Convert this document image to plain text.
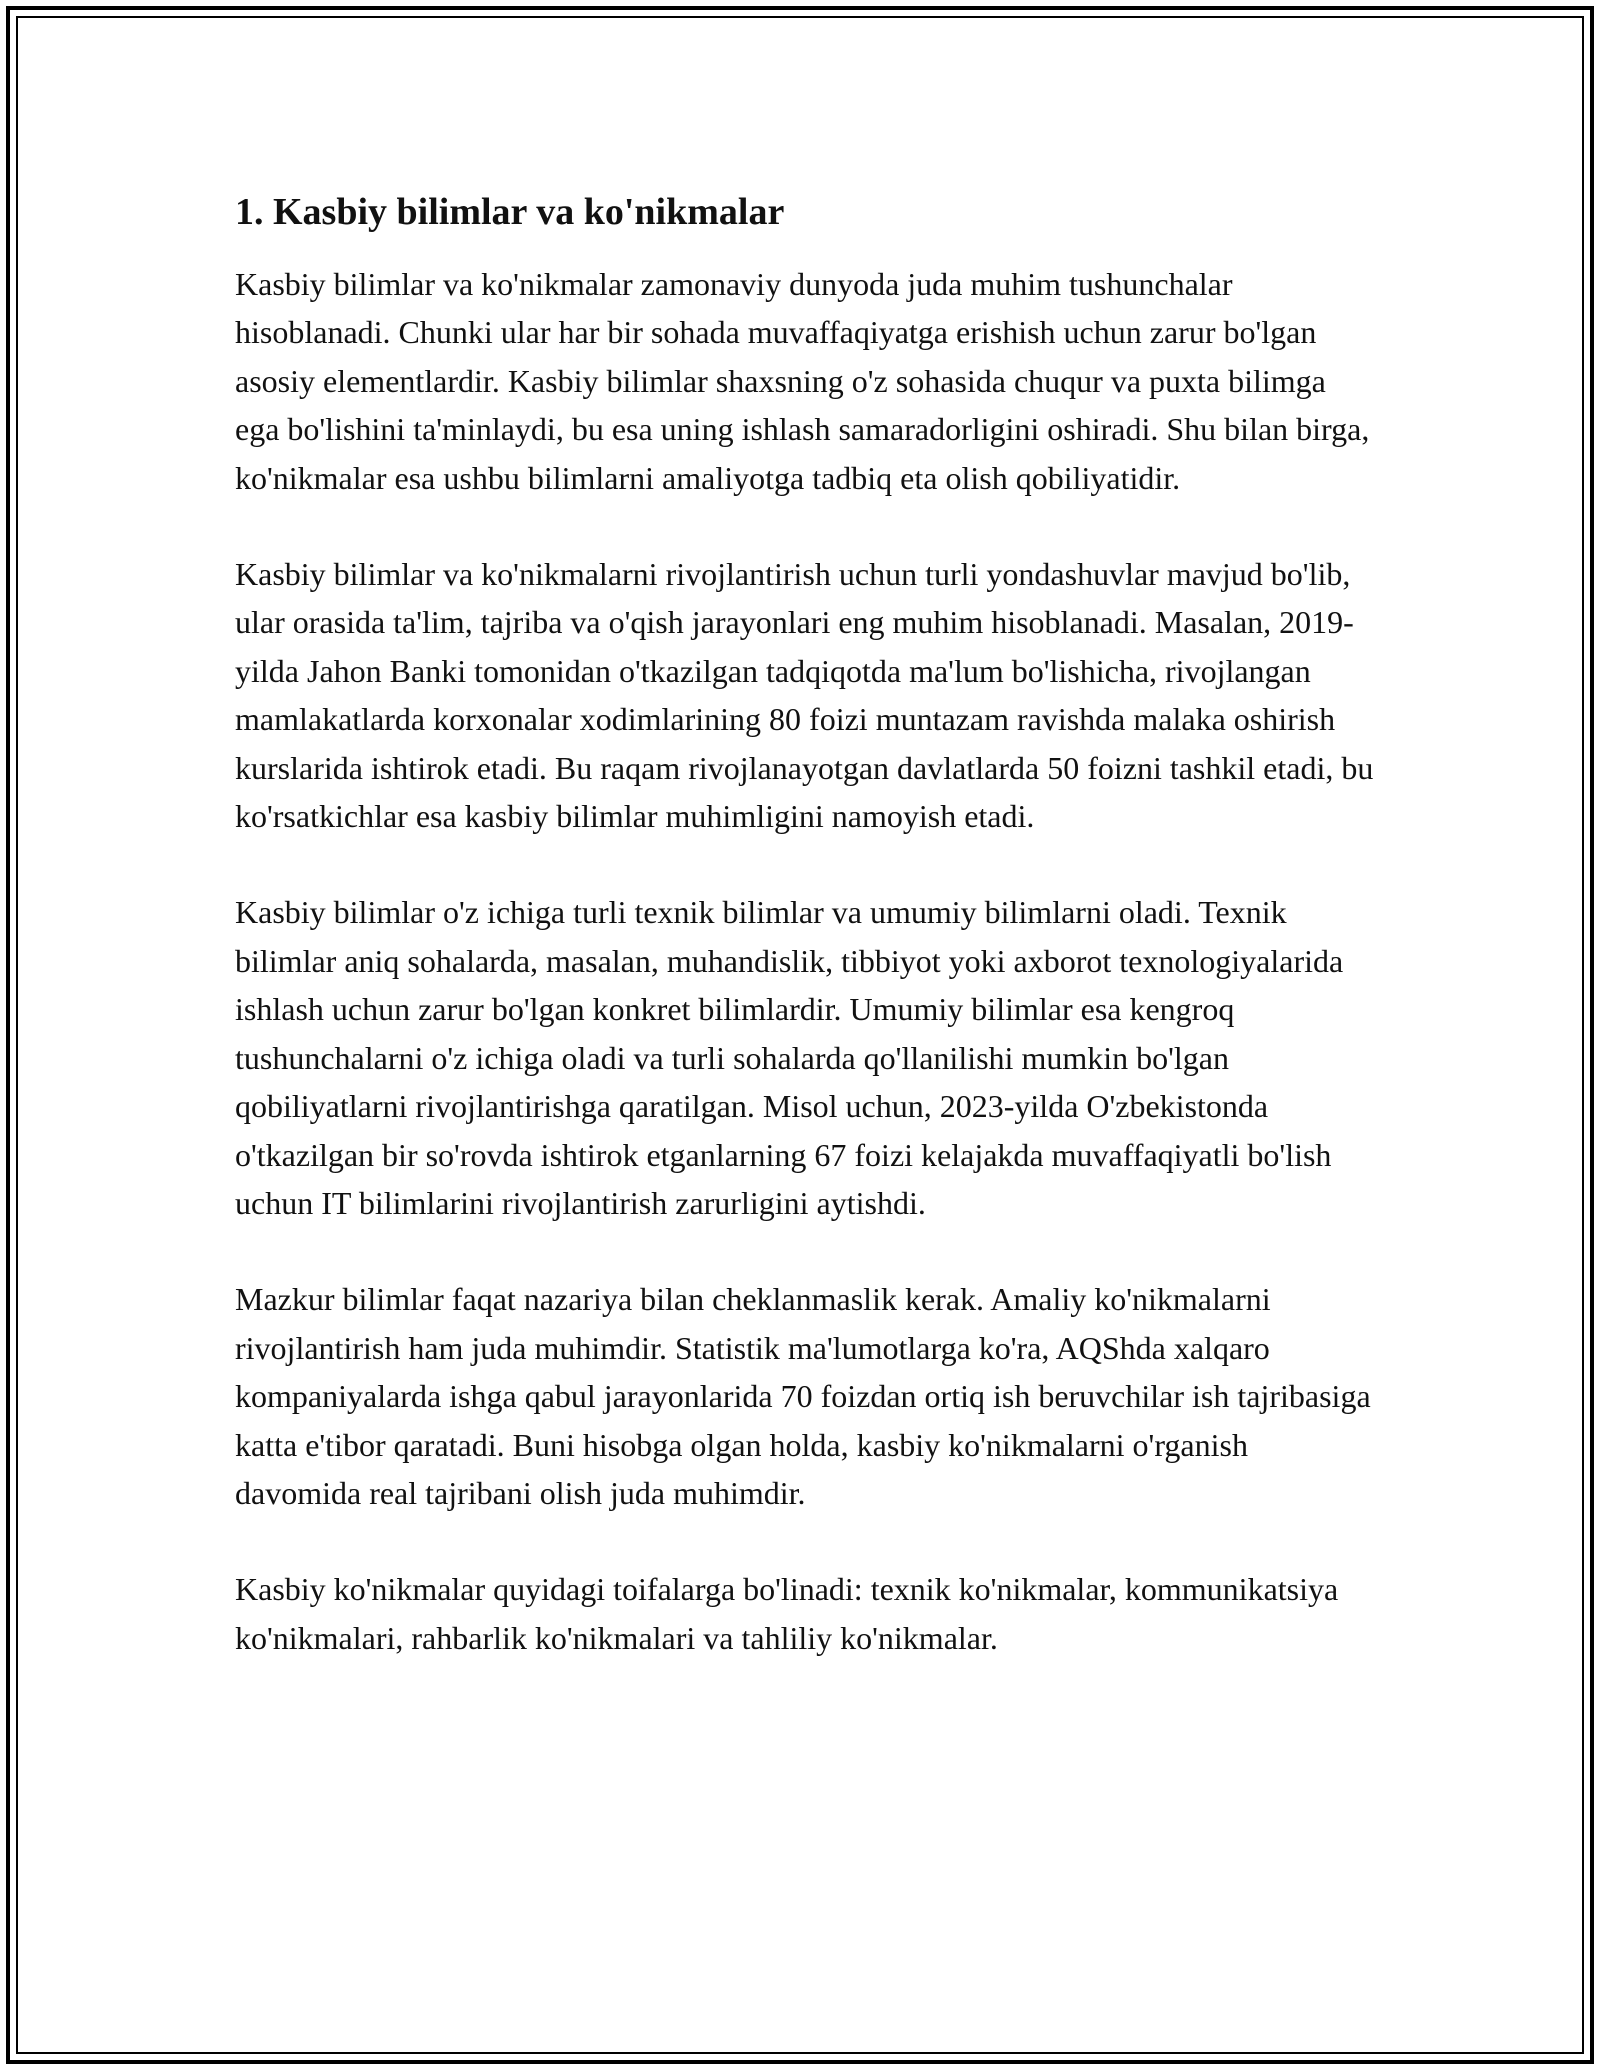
1. Kasbiy bilimlar va ko'nikmalar

Kasbiy bilimlar va ko'nikmalar zamonaviy dunyoda juda muhim tushunchalar hisoblanadi. Chunki ular har bir sohada muvaffaqiyatga erishish uchun zarur bo'lgan asosiy elementlardir. Kasbiy bilimlar shaxsning o'z sohasida chuqur va puxta bilimga ega bo'lishini ta'minlaydi, bu esa uning ishlash samaradorligini oshiradi. Shu bilan birga, ko'nikmalar esa ushbu bilimlarni amaliyotga tadbiq eta olish qobiliyatidir.

Kasbiy bilimlar va ko'nikmalarni rivojlantirish uchun turli yondashuvlar mavjud bo'lib, ular orasida ta'lim, tajriba va o'qish jarayonlari eng muhim hisoblanadi. Masalan, 2019-yilda Jahon Banki tomonidan o'tkazilgan tadqiqotda ma'lum bo'lishicha, rivojlangan mamlakatlarda korxonalar xodimlarining 80 foizi muntazam ravishda malaka oshirish kurslarida ishtirok etadi. Bu raqam rivojlanayotgan davlatlarda 50 foizni tashkil etadi, bu ko'rsatkichlar esa kasbiy bilimlar muhimligini namoyish etadi.

Kasbiy bilimlar o'z ichiga turli texnik bilimlar va umumiy bilimlarni oladi. Texnik bilimlar aniq sohalarda, masalan, muhandislik, tibbiyot yoki axborot texnologiyalarida ishlash uchun zarur bo'lgan konkret bilimlardir. Umumiy bilimlar esa kengroq tushunchalarni o'z ichiga oladi va turli sohalarda qo'llanilishi mumkin bo'lgan qobiliyatlarni rivojlantirishga qaratilgan. Misol uchun, 2023-yilda O'zbekistonda o'tkazilgan bir so'rovda ishtirok etganlarning 67 foizi kelajakda muvaffaqiyatli bo'lish uchun IT bilimlarini rivojlantirish zarurligini aytishdi.

Mazkur bilimlar faqat nazariya bilan cheklanmaslik kerak. Amaliy ko'nikmalarni rivojlantirish ham juda muhimdir. Statistik ma'lumotlarga ko'ra, AQShda xalqaro kompaniyalarda ishga qabul jarayonlarida 70 foizdan ortiq ish beruvchilar ish tajribasiga katta e'tibor qaratadi. Buni hisobga olgan holda, kasbiy ko'nikmalarni o'rganish davomida real tajribani olish juda muhimdir.

Kasbiy ko'nikmalar quyidagi toifalarga bo'linadi: texnik ko'nikmalar, kommunikatsiya ko'nikmalari, rahbarlik ko'nikmalari va tahliliy ko'nikmalar.
